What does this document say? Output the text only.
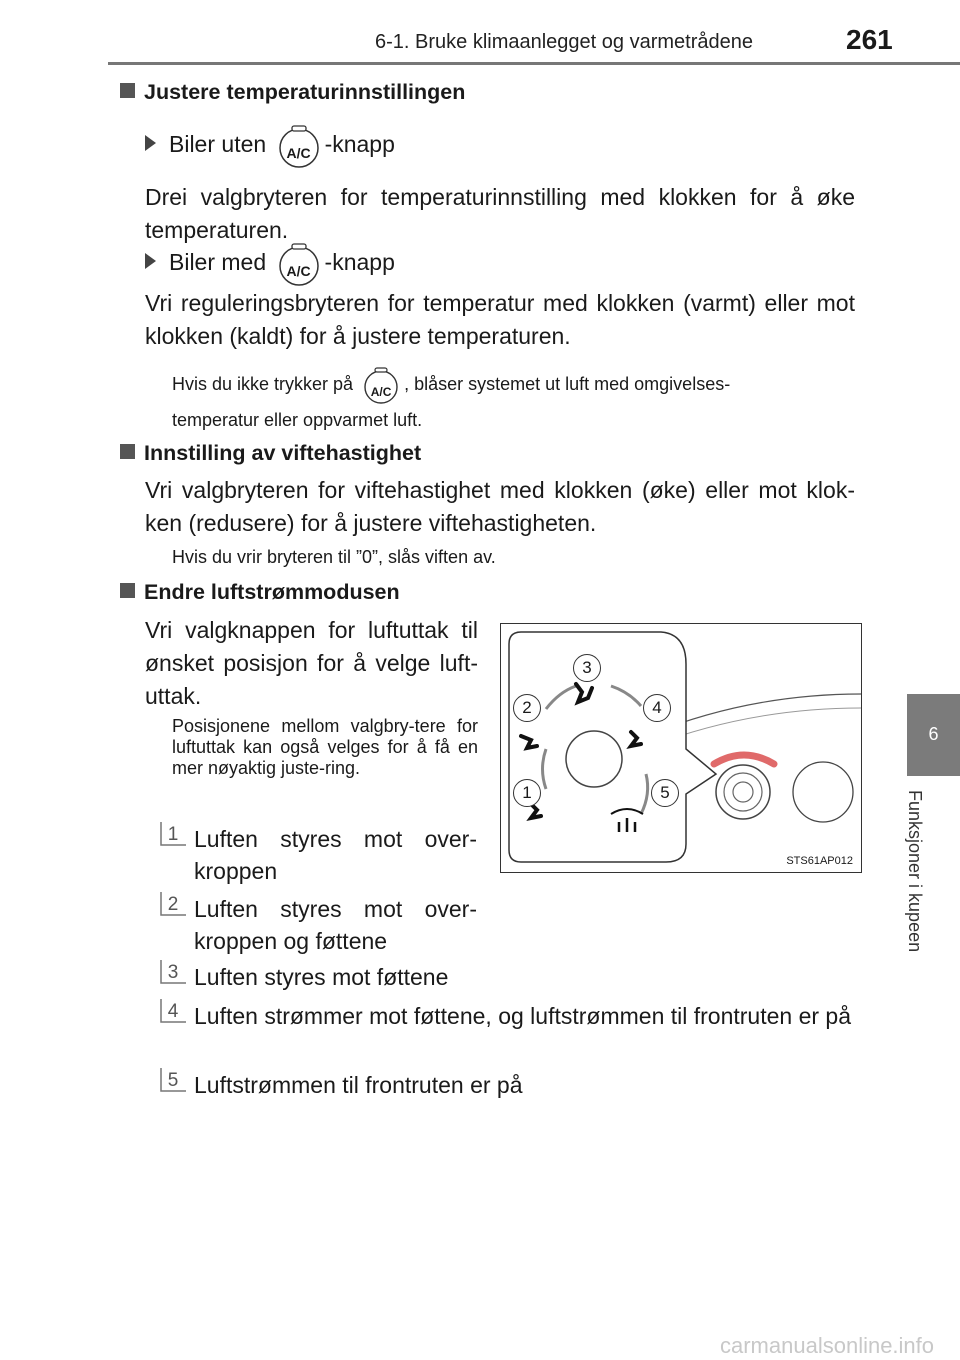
6-1. Bruke klimaanlegget og varmetrådene	261
6
Funksjoner i kupeen
Justere temperaturinnstillingen
Biler uten	A/C -knapp
Drei valgbryteren for temperaturinnstilling med klokken for å øke temperaturen.
Biler med	A/C -knapp
Vri reguleringsbryteren for temperatur med klokken (varmt) eller mot klokken (kaldt) for å justere temperaturen.
Hvis du ikke trykker på	A/C , blåser systemet ut luft med omgivelses-
temperatur eller oppvarmet luft.
Innstilling av viftehastighet
Vri valgbryteren for viftehastighet med klokken (øke) eller mot klok-ken (redusere) for å justere viftehastigheten.
Hvis du vrir bryteren til ”0”, slås viften av.
Endre luftstrømmodusen
Vri valgknappen for luftuttak til ønsket posisjon for å velge luft-uttak.
Posisjonene mellom valgbry-tere for luftuttak kan også velges for å få en mer nøyaktig juste-ring.
1 Luften styres mot over-kroppen
2 Luften styres mot over-kroppen og føttene
3 Luften styres mot føttene
4 Luften strømmer mot føttene, og luftstrømmen til frontruten er på
5 Luftstrømmen til frontruten er på
3
2	4
1	5
STS61AP012
carmanualsonline.info
